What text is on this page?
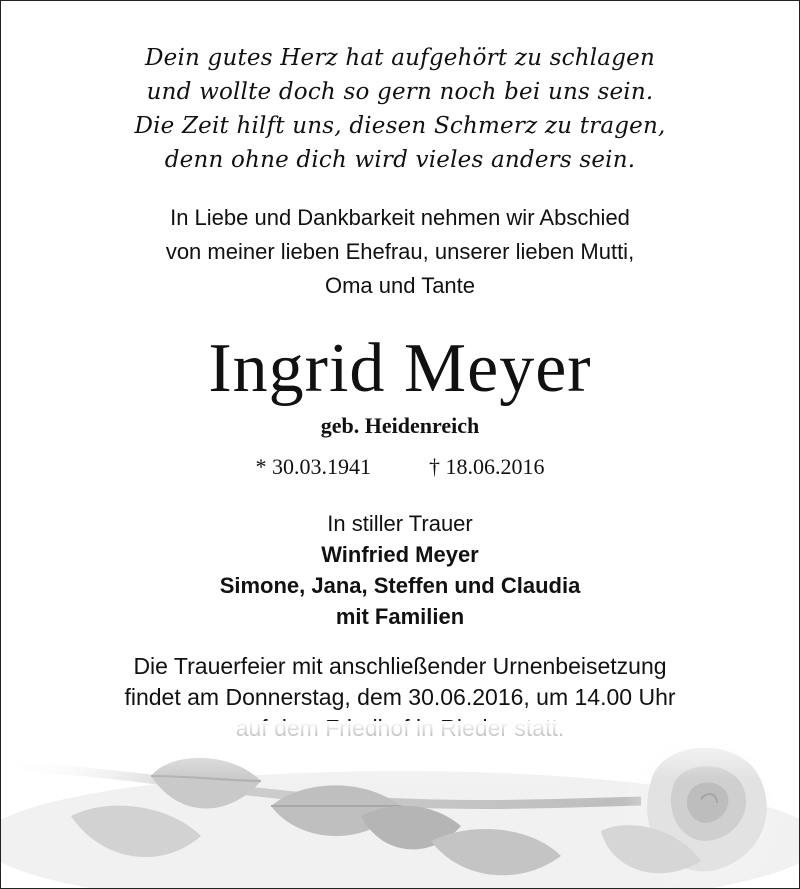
Dein gutes Herz hat aufgehört zu schlagen
und wollte doch so gern noch bei uns sein.
Die Zeit hilft uns, diesen Schmerz zu tragen,
denn ohne dich wird vieles anders sein.
In Liebe und Dankbarkeit nehmen wir Abschied
von meiner lieben Ehefrau, unserer lieben Mutti,
Oma und Tante
Ingrid Meyer
geb. Heidenreich
* 30.03.1941	† 18.06.2016
In stiller Trauer
Winfried Meyer
Simone, Jana, Steffen und Claudia
mit Familien
Die Trauerfeier mit anschließender Urnenbeisetzung
findet am Donnerstag, dem 30.06.2016, um 14.00 Uhr
